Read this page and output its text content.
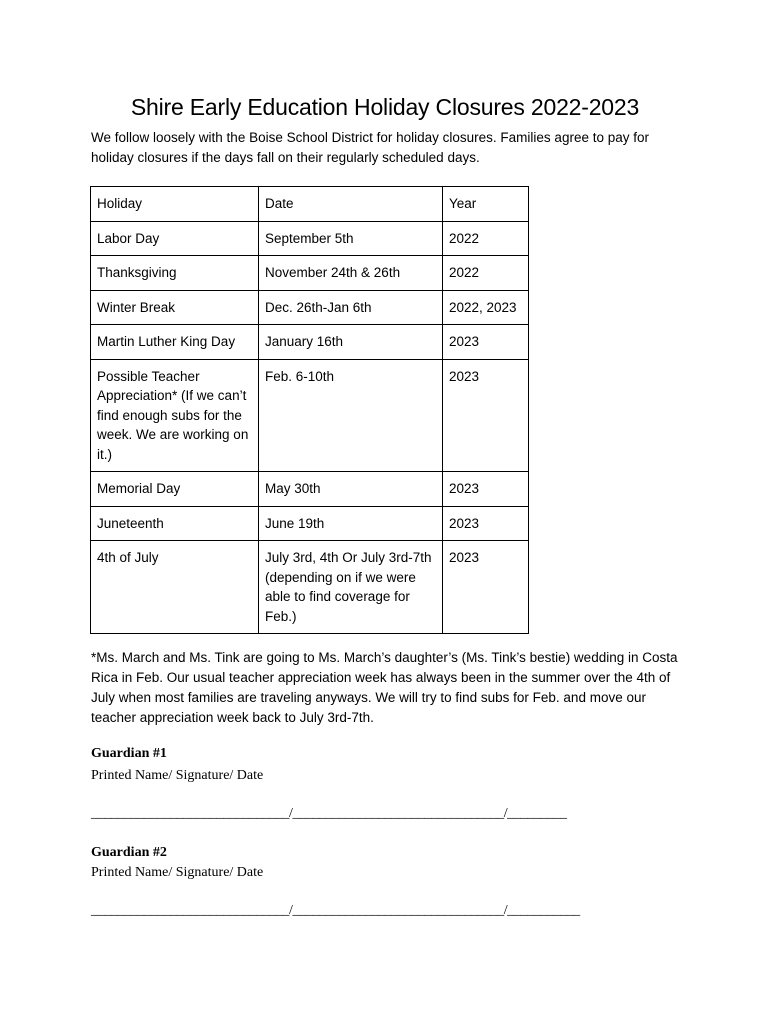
Shire Early Education Holiday Closures 2022-2023
We follow loosely with the Boise School District for holiday closures. Families agree to pay for holiday closures if the days fall on their regularly scheduled days.
Holiday	Date	Year
Labor Day	September 5th	2022
Thanksgiving	November 24th & 26th	2022
Winter Break	Dec. 26th-Jan 6th	2022, 2023
Martin Luther King Day	January 16th	2023
Possible Teacher Appreciation* (If we can’t find enough subs for the week. We are working on it.)	Feb. 6-10th	2023
Memorial Day	May 30th	2023
Juneteenth	June 19th	2023
4th of July	July 3rd, 4th Or July 3rd-7th (depending on if we were able to find coverage for Feb.)	2023
*Ms. March and Ms. Tink are going to Ms. March’s daughter’s (Ms. Tink’s bestie) wedding in Costa Rica in Feb. Our usual teacher appreciation week has always been in the summer over the 4th of July when most families are traveling anyways. We will try to find subs for Feb. and move our teacher appreciation week back to July 3rd-7th.
Guardian #1
Printed Name/ Signature/ Date
______________________________/________________________________/_________
Guardian #2
Printed Name/ Signature/ Date
______________________________/________________________________/___________
